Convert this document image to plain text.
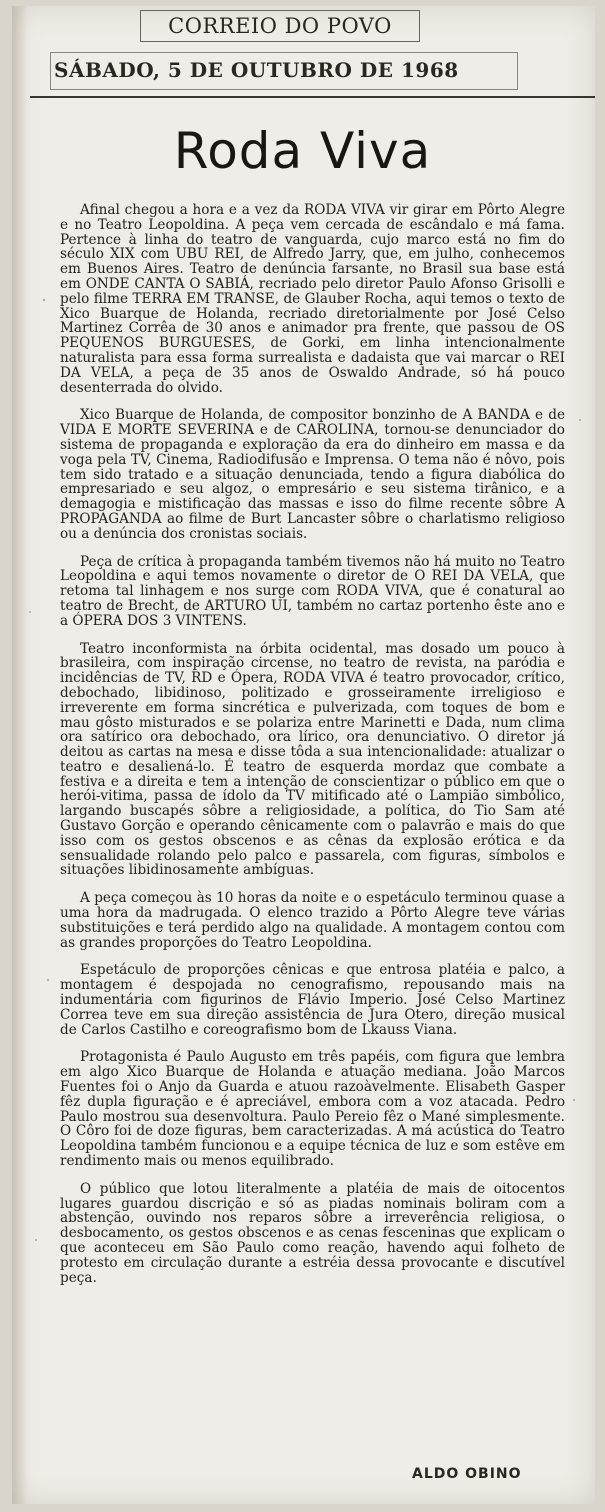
CORREIO DO POVO
SÁBADO, 5 DE OUTUBRO DE 1968
Roda Viva

Afinal chegou a hora e a vez da RODA VIVA vir girar em Pôrto Alegre e no Teatro Leopoldina. A peça vem cercada de escândalo e má fama. Pertence à linha do teatro de vanguarda, cujo marco está no fim do século XIX com UBU REI, de Alfredo Jarry, que, em julho, conhecemos em Buenos Aires. Teatro de denúncia farsante, no Brasil sua base está em ONDE CANTA O SABIÁ, recriado pelo diretor Paulo Afonso Grisolli e pelo filme TERRA EM TRANSE, de Glauber Rocha, aqui temos o texto de Xico Buarque de Holanda, recriado diretorialmente por José Celso Martinez Corrêa de 30 anos e animador pra frente, que passou de OS PEQUENOS BURGUESES, de Gorki, em linha intencionalmente naturalista para essa forma surrealista e dadaista que vai marcar o REI DA VELA, a peça de 35 anos de Oswaldo Andrade, só há pouco desenterrada do olvido.

Xico Buarque de Holanda, de compositor bonzinho de A BANDA e de VIDA E MORTE SEVERINA e de CAROLINA, tornou-se denunciador do sistema de propaganda e exploração da era do dinheiro em massa e da voga pela TV, Cinema, Radiodifusão e Imprensa. O tema não é nôvo, pois tem sido tratado e a situação denunciada, tendo a figura diabólica do empresariado e seu algoz, o empresário e seu sistema tirânico, e a demagogia e mistificação das massas e isso do filme recente sôbre A PROPAGANDA ao filme de Burt Lancaster sôbre o charlatismo religioso ou a denúncia dos cronistas sociais.

Peça de crítica à propaganda também tivemos não há muito no Teatro Leopoldina e aqui temos novamente o diretor de O REI DA VELA, que retoma tal linhagem e nos surge com RODA VIVA, que é conatural ao teatro de Brecht, de ARTURO UI, também no cartaz portenho êste ano e a ÓPERA DOS 3 VINTENS.

Teatro inconformista na órbita ocidental, mas dosado um pouco à brasileira, com inspiração circense, no teatro de revista, na paródia e incidências de TV, RD e Ópera, RODA VIVA é teatro provocador, crítico, debochado, libidinoso, politizado e grosseiramente irreligioso e irreverente em forma sincrética e pulverizada, com toques de bom e mau gôsto misturados e se polariza entre Marinetti e Dada, num clima ora satírico ora debochado, ora lírico, ora denunciativo. O diretor já deitou as cartas na mesa e disse tôda a sua intencionalidade: atualizar o teatro e desaliená-lo. É teatro de esquerda mordaz que combate a festiva e a direita e tem a intenção de conscientizar o público em que o herói-vitima, passa de ídolo da TV mitificado até o Lampião simbólico, largando buscapés sôbre a religiosidade, a política, do Tio Sam até Gustavo Gorção e operando cênicamente com o palavrão e mais do que isso com os gestos obscenos e as cênas da explosão erótica e da sensualidade rolando pelo palco e passarela, com figuras, símbolos e situações libidinosamente ambíguas.

A peça começou às 10 horas da noite e o espetáculo terminou quase a uma hora da madrugada. O elenco trazido a Pôrto Alegre teve várias substituições e terá perdido algo na qualidade. A montagem contou com as grandes proporções do Teatro Leopoldina.

Espetáculo de proporções cênicas e que entrosa platéia e palco, a montagem é despojada no cenografismo, repousando mais na indumentária com figurinos de Flávio Imperio. José Celso Martinez Correa teve em sua direção assistência de Jura Otero, direção musical de Carlos Castilho e coreografismo bom de Lkauss Viana.

Protagonista é Paulo Augusto em três papéis, com figura que lembra em algo Xico Buarque de Holanda e atuação mediana. João Marcos Fuentes foi o Anjo da Guarda e atuou razoàvelmente. Elisabeth Gasper fêz dupla figuração e é apreciável, embora com a voz atacada. Pedro Paulo mostrou sua desenvoltura. Paulo Pereio fêz o Mané simplesmente. O Côro foi de doze figuras, bem caracterizadas. A má acústica do Teatro Leopoldina também funcionou e a equipe técnica de luz e som estêve em rendimento mais ou menos equilibrado.

O público que lotou literalmente a platéia de mais de oitocentos lugares guardou discrição e só as piadas nominais boliram com a abstenção, ouvindo nos reparos sôbre a irreverência religiosa, o desbocamento, os gestos obscenos e as cenas fesceninas que explicam o que aconteceu em São Paulo como reação, havendo aqui folheto de protesto em circulação durante a estréia dessa provocante e discutível peça.

ALDO OBINO
